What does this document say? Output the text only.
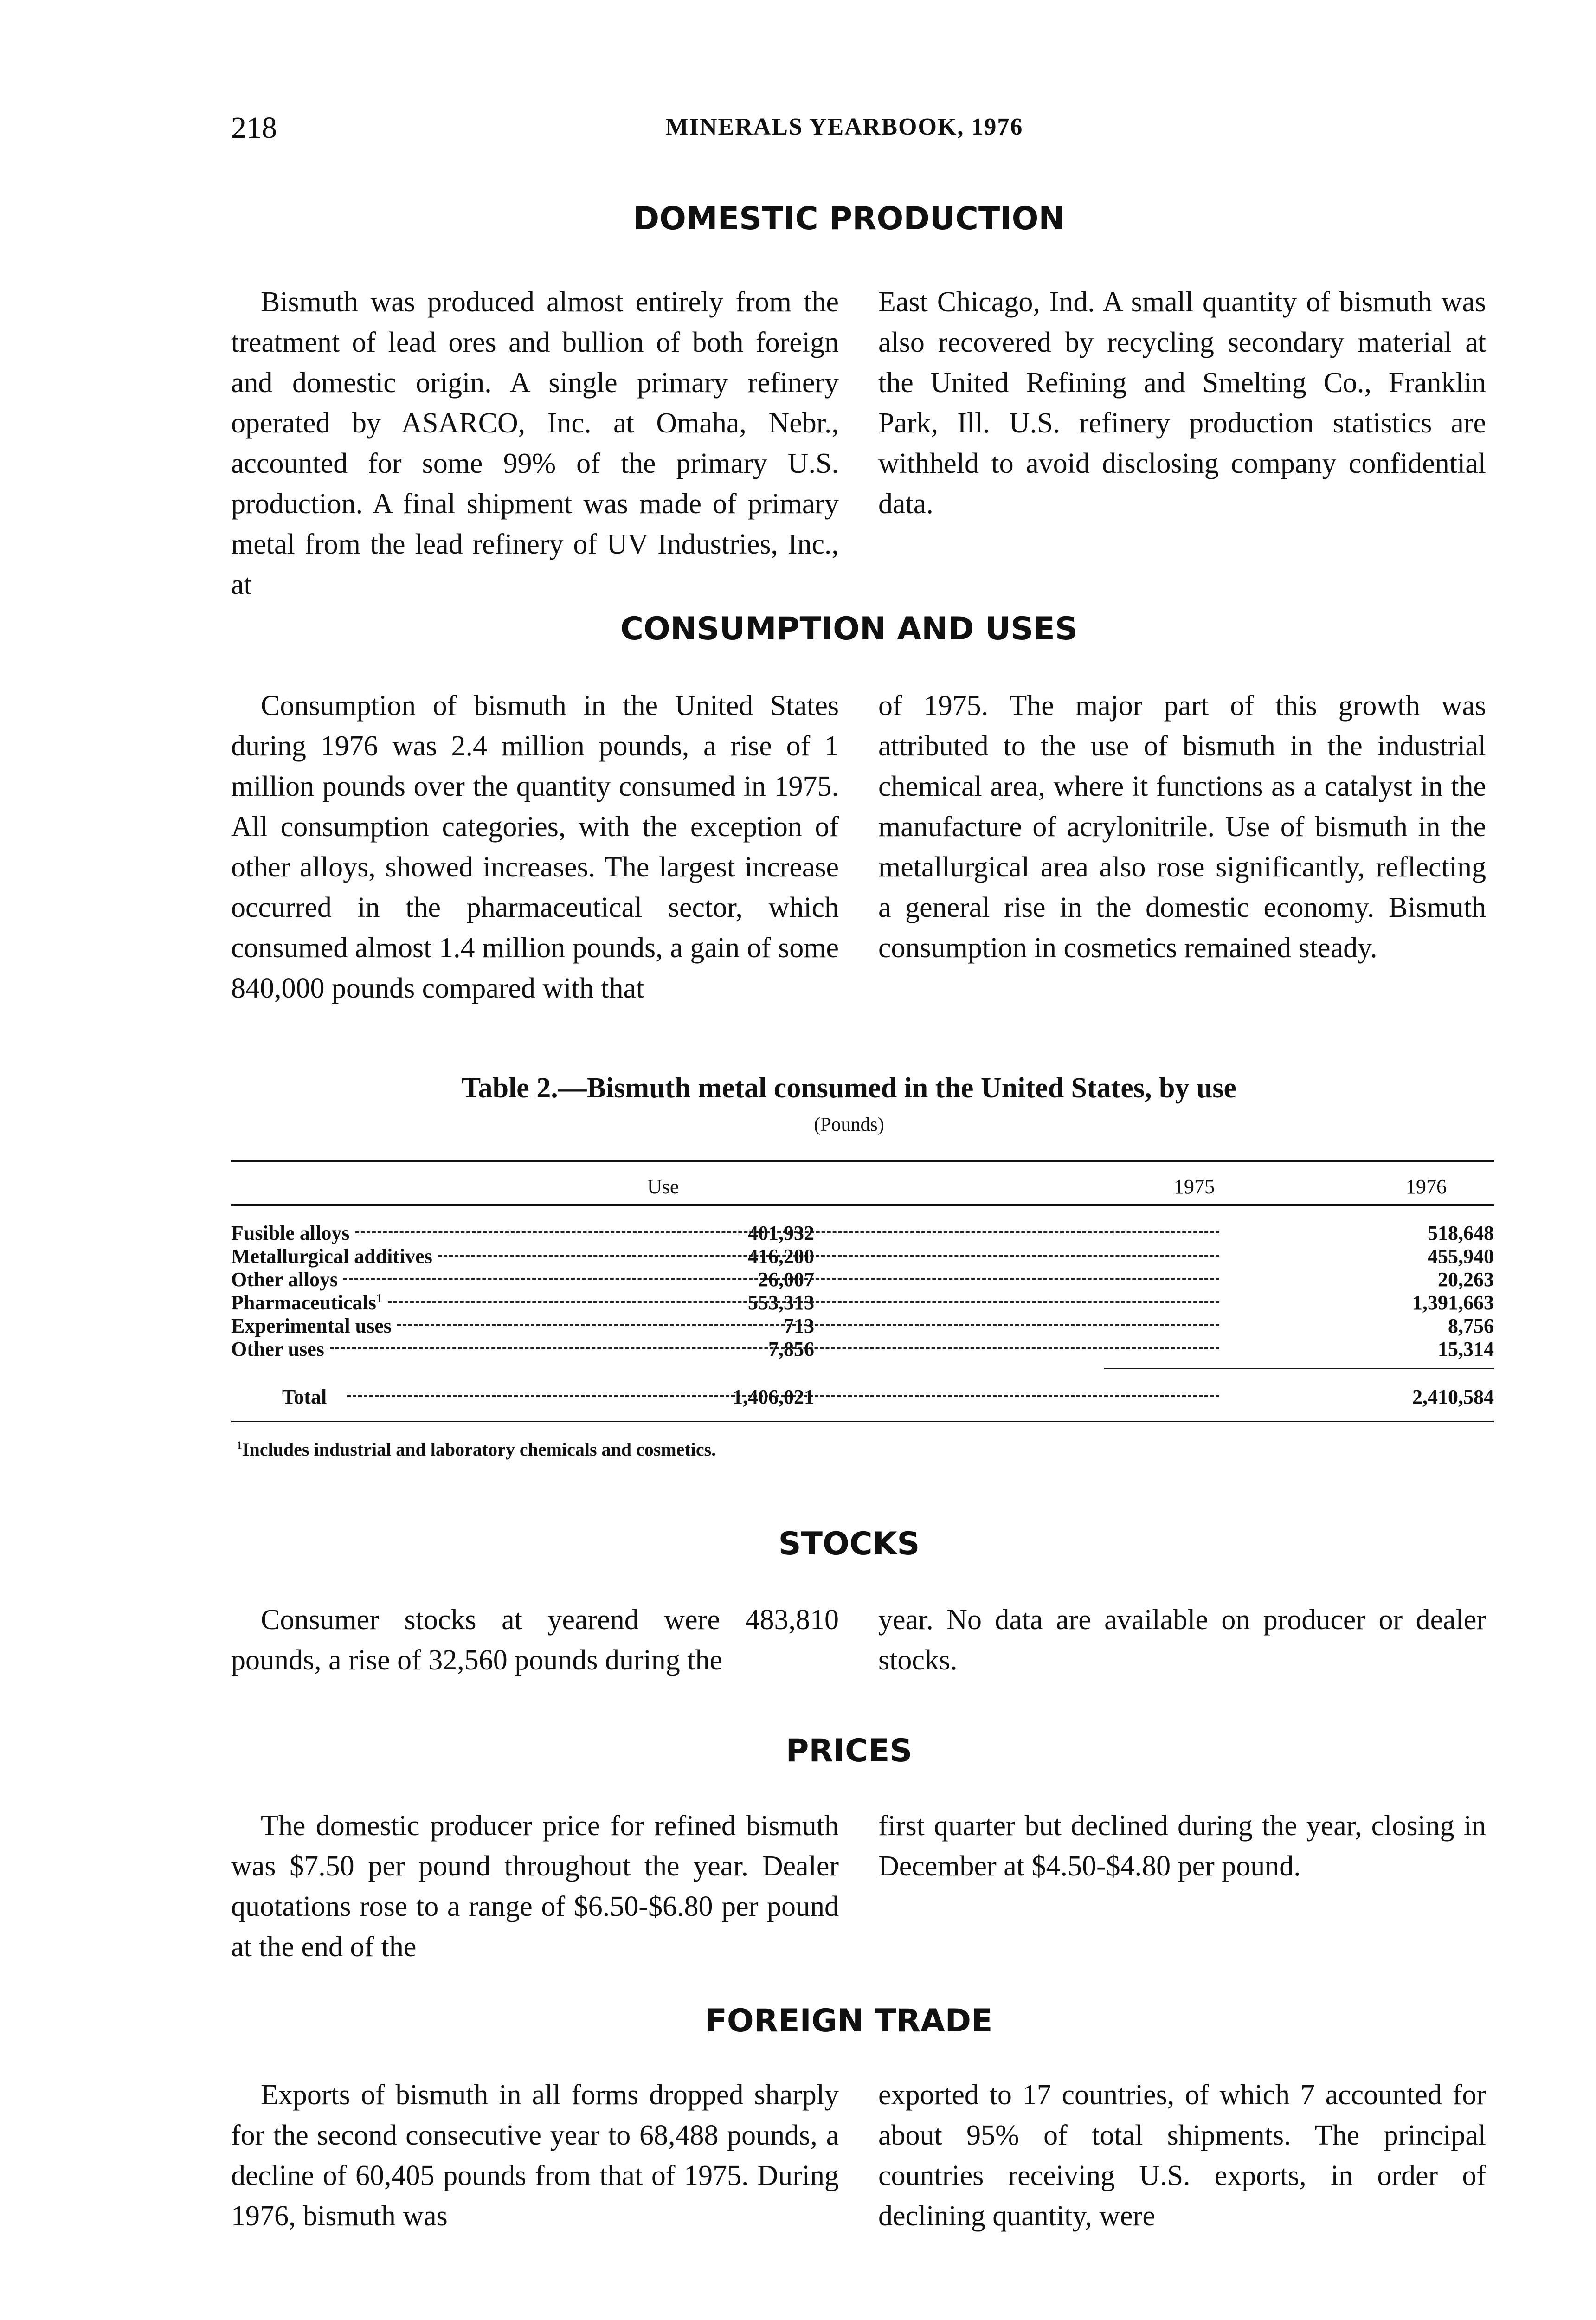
218	MINERALS YEARBOOK, 1976
DOMESTIC PRODUCTION

Bismuth was produced almost entirely from the treatment of lead ores and bullion of both foreign and domestic origin. A single primary refinery operated by ASARCO, Inc. at Omaha, Nebr., accounted for some 99% of the primary U.S. production. A final shipment was made of primary metal from the lead refinery of UV Industries, Inc., at

East Chicago, Ind. A small quantity of bismuth was also recovered by recycling secondary material at the United Refining and Smelting Co., Franklin Park, Ill. U.S. refinery production statistics are withheld to avoid disclosing company confidential data.

CONSUMPTION AND USES

Consumption of bismuth in the United States during 1976 was 2.4 million pounds, a rise of 1 million pounds over the quantity consumed in 1975. All consumption categories, with the exception of other alloys, showed increases. The largest increase occurred in the pharmaceutical sector, which consumed almost 1.4 million pounds, a gain of some 840,000 pounds compared with that

of 1975. The major part of this growth was attributed to the use of bismuth in the industrial chemical area, where it functions as a catalyst in the manufacture of acrylonitrile. Use of bismuth in the metallurgical area also rose significantly, reflecting a general rise in the domestic economy. Bismuth consumption in cosmetics remained steady.

Table 2.—Bismuth metal consumed in the United States, by use
(Pounds)
Use	1975	1976
Fusible alloys	401,932	518,648
Metallurgical additives	416,200	455,940
Other alloys	26,007	20,263
Pharmaceuticals$^1$	553,313	1,391,663
Experimental uses	713	8,756
Other uses	7,856	15,314
Total	1,406,021	2,410,584
$^1$Includes industrial and laboratory chemicals and cosmetics.
STOCKS

Consumer stocks at yearend were 483,810 pounds, a rise of 32,560 pounds during the

year. No data are available on producer or dealer stocks.

PRICES

The domestic producer price for refined bismuth was $7.50 per pound throughout the year. Dealer quotations rose to a range of $6.50-$6.80 per pound at the end of the

first quarter but declined during the year, closing in December at $4.50-$4.80 per pound.

FOREIGN TRADE

Exports of bismuth in all forms dropped sharply for the second consecutive year to 68,488 pounds, a decline of 60,405 pounds from that of 1975. During 1976, bismuth was

exported to 17 countries, of which 7 accounted for about 95% of total shipments. The principal countries receiving U.S. exports, in order of declining quantity, were
